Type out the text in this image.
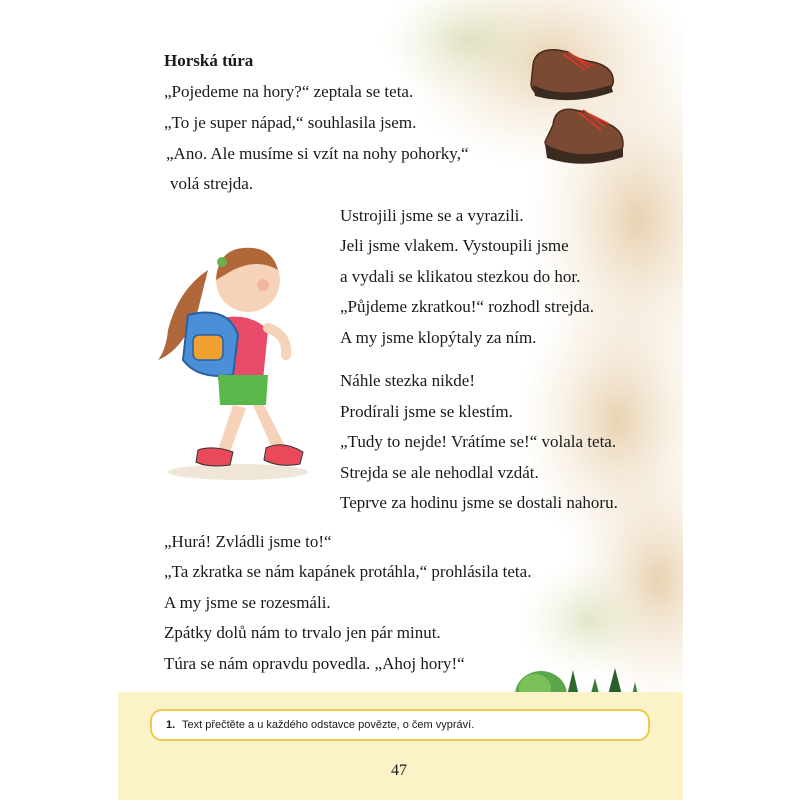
Horská túra
„Pojedeme na hory?“ zeptala se teta.
„To je super nápad,“ souhlasila jsem.
„Ano. Ale musíme si vzít na nohy pohorky,“
volá strejda.
Ustrojili jsme se a vyrazili.
Jeli jsme vlakem. Vystoupili jsme
a vydali se klikatou stezkou do hor.
„Půjdeme zkratkou!“ rozhodl strejda.
A my jsme klopýtaly za ním.
Náhle stezka nikde!
Prodírali jsme se klestím.
„Tudy to nejde! Vrátíme se!“ volala teta.
Strejda se ale nehodlal vzdát.
Teprve za hodinu jsme se dostali nahoru.
„Hurá! Zvládli jsme to!“
„Ta zkratka se nám kapánek protáhla,“ prohlásila teta.
A my jsme se rozesmáli.
Zpátky dolů nám to trvalo jen pár minut.
Túra se nám opravdu povedla. „Ahoj hory!“
1. Text přečtěte a u každého odstavce povězte, o čem vypráví.
47
